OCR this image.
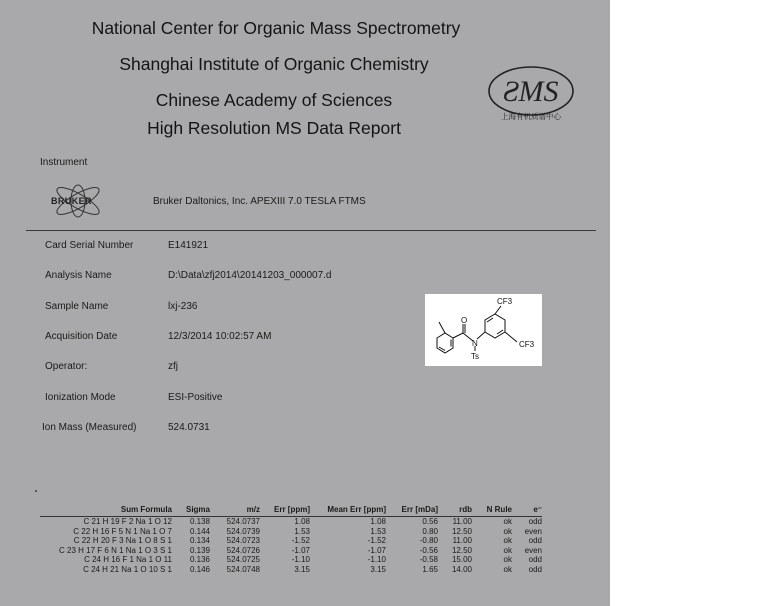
National Center for Organic Mass Spectrometry
Shanghai Institute of Organic Chemistry
Chinese Academy of Sciences
High Resolution MS Data Report
ƧMS
上海有机质谱中心
Instrument
BRUKER	Bruker Daltonics, Inc. APEXIII 7.0 TESLA FTMS
Card Serial Number	E141921
Analysis Name	D:\Data\zfj2014\20141203_000007.d
Sample Name	lxj-236
Acquisition Date	12/3/2014 10:02:57 AM
Operator:	zfj
Ionization Mode	ESI-Positive
Ion Mass (Measured)	524.0731
CF3
CF3
O
N
Ts
Sum Formula	Sigma	m/z	Err [ppm]	Mean Err [ppm]	Err [mDa]	rdb	N Rule	e⁻
C 21 H 19 F 2 Na 1 O 12	0.138	524.0737	1.08	1.08	0.56	11.00	ok	odd
C 22 H 16 F 5 N 1 Na 1 O 7	0.144	524.0739	1.53	1.53	0.80	12.50	ok	even
C 22 H 20 F 3 Na 1 O 8 S 1	0.134	524.0723	-1.52	-1.52	-0.80	11.00	ok	odd
C 23 H 17 F 6 N 1 Na 1 O 3 S 1	0.139	524.0726	-1.07	-1.07	-0.56	12.50	ok	even
C 24 H 16 F 1 Na 1 O 11	0.136	524.0725	-1.10	-1.10	-0.58	15.00	ok	odd
C 24 H 21 Na 1 O 10 S 1	0.146	524.0748	3.15	3.15	1.65	14.00	ok	odd
